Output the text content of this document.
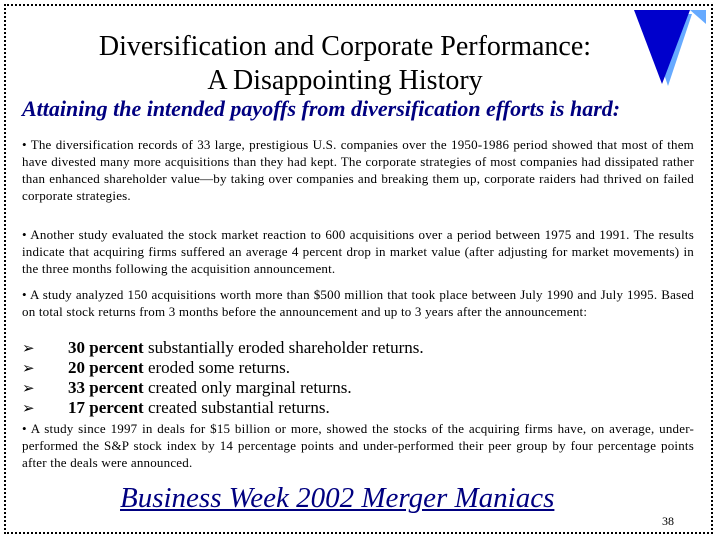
Diversification and Corporate Performance:
A Disappointing History
Attaining the intended payoffs from diversification efforts is hard:
• The diversification records of 33 large, prestigious U.S. companies over the 1950-1986 period showed that most of them have divested many more acquisitions than they had kept. The corporate strategies of most companies had dissipated rather than enhanced shareholder value—by taking over companies and breaking them up, corporate raiders had thrived on failed corporate strategies.
• Another study evaluated the stock market reaction to 600 acquisitions over a period between 1975 and 1991. The results indicate that acquiring firms suffered an average 4 percent drop in market value (after adjusting for market movements) in the three months following the acquisition announcement.
• A study analyzed 150 acquisitions worth more than $500 million that took place between July 1990 and July 1995. Based on total stock returns from 3 months before the announcement and up to 3 years after the announcement:
➢	30 percent substantially eroded shareholder returns.
➢	20 percent eroded some returns.
➢	33 percent created only marginal returns.
➢	17 percent created substantial returns.
• A study since 1997 in deals for $15 billion or more, showed the stocks of the acquiring firms have, on average, under-performed the S&P stock index by 14 percentage points and under-performed their peer group by four percentage points after the deals were announced.
Business Week 2002 Merger Maniacs
38
